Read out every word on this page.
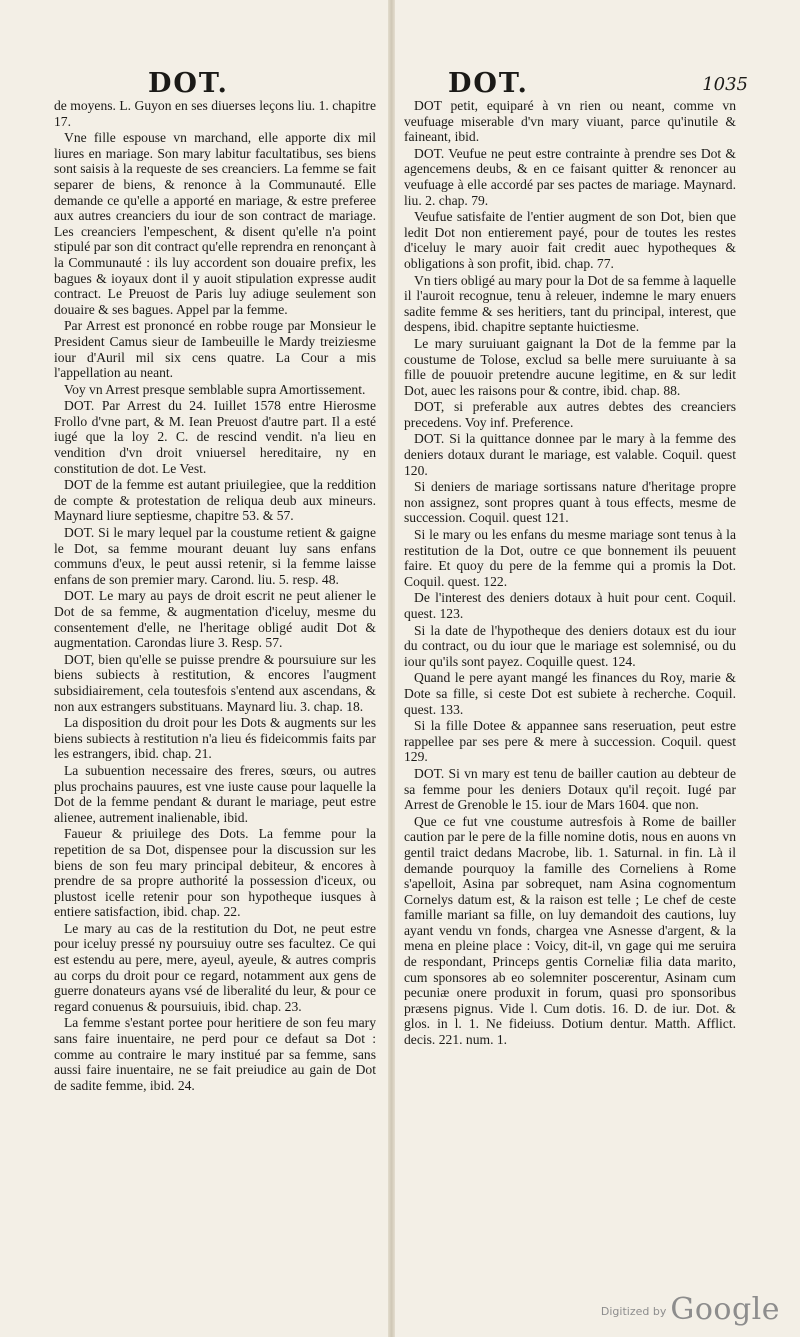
DOT.	DOT.	1035

de moyens. L. Guyon en ses diuerses leçons liu. 1. chapitre 17.

Vne fille espouse vn marchand, elle apporte dix mil liures en mariage. Son mary labitur facultatibus, ses biens sont saisis à la requeste de ses creanciers. La femme se fait separer de biens, & renonce à la Communauté. Elle demande ce qu'elle a apporté en mariage, & estre preferee aux autres creanciers du iour de son contract de mariage. Les creanciers l'empeschent, & disent qu'elle n'a point stipulé par son dit contract qu'elle reprendra en renonçant à la Communauté : ils luy accordent son douaire prefix, les bagues & ioyaux dont il y auoit stipulation expresse audit contract. Le Preuost de Paris luy adiuge seulement son douaire & ses bagues. Appel par la femme.

Par Arrest est prononcé en robbe rouge par Monsieur le President Camus sieur de Iambeuille le Mardy treiziesme iour d'Auril mil six cens quatre. La Cour a mis l'appellation au neant.

Voy vn Arrest presque semblable supra Amortissement.

DOT. Par Arrest du 24. Iuillet 1578 entre Hierosme Frollo d'vne part, & M. Iean Preuost d'autre part. Il a esté iugé que la loy 2. C. de rescind vendit. n'a lieu en vendition d'vn droit vniuersel hereditaire, ny en constitution de dot. Le Vest.

DOT de la femme est autant priuilegiee, que la reddition de compte & protestation de reliqua deub aux mineurs. Maynard liure septiesme, chapitre 53. & 57.

DOT. Si le mary lequel par la coustume retient & gaigne le Dot, sa femme mourant deuant luy sans enfans communs d'eux, le peut aussi retenir, si la femme laisse enfans de son premier mary. Carond. liu. 5. resp. 48.

DOT. Le mary au pays de droit escrit ne peut aliener le Dot de sa femme, & augmentation d'iceluy, mesme du consentement d'elle, ne l'heritage obligé audit Dot & augmentation. Carondas liure 3. Resp. 57.

DOT, bien qu'elle se puisse prendre & poursuiure sur les biens subiects à restitution, & encores l'augment subsidiairement, cela toutesfois s'entend aux ascendans, & non aux estrangers substituans. Maynard liu. 3. chap. 18.

La disposition du droit pour les Dots & augments sur les biens subiects à restitution n'a lieu és fideicommis faits par les estrangers, ibid. chap. 21.

La subuention necessaire des freres, sœurs, ou autres plus prochains pauures, est vne iuste cause pour laquelle la Dot de la femme pendant & durant le mariage, peut estre alienee, autrement inalienable, ibid.

Faueur & priuilege des Dots. La femme pour la repetition de sa Dot, dispensee pour la discussion sur les biens de son feu mary principal debiteur, & encores à prendre de sa propre authorité la possession d'iceux, ou plustost icelle retenir pour son hypotheque iusques à entiere satisfaction, ibid. chap. 22.

Le mary au cas de la restitution du Dot, ne peut estre pour iceluy pressé ny poursuiuy outre ses facultez. Ce qui est estendu au pere, mere, ayeul, ayeule, & autres compris au corps du droit pour ce regard, notamment aux gens de guerre donateurs ayans vsé de liberalité du leur, & pour ce regard conuenus & poursuiuis, ibid. chap. 23.

La femme s'estant portee pour heritiere de son feu mary sans faire inuentaire, ne perd pour ce defaut sa Dot : comme au contraire le mary institué par sa femme, sans aussi faire inuentaire, ne se fait preiudice au gain de Dot de sadite femme, ibid. 24.

DOT petit, equiparé à vn rien ou neant, comme vn veufuage miserable d'vn mary viuant, parce qu'inutile & faineant, ibid.

DOT. Veufue ne peut estre contrainte à prendre ses Dot & agencemens deubs, & en ce faisant quitter & renoncer au veufuage à elle accordé par ses pactes de mariage. Maynard. liu. 2. chap. 79.

Veufue satisfaite de l'entier augment de son Dot, bien que ledit Dot non entierement payé, pour de toutes les restes d'iceluy le mary auoir fait credit auec hypotheques & obligations à son profit, ibid. chap. 77.

Vn tiers obligé au mary pour la Dot de sa femme à laquelle il l'auroit recognue, tenu à releuer, indemne le mary enuers sadite femme & ses heritiers, tant du principal, interest, que despens, ibid. chapitre septante huictiesme.

Le mary suruiuant gaignant la Dot de la femme par la coustume de Tolose, exclud sa belle mere suruiuante à sa fille de pouuoir pretendre aucune legitime, en & sur ledit Dot, auec les raisons pour & contre, ibid. chap. 88.

DOT, si preferable aux autres debtes des creanciers precedens. Voy inf. Preference.

DOT. Si la quittance donnee par le mary à la femme des deniers dotaux durant le mariage, est valable. Coquil. quest 120.

Si deniers de mariage sortissans nature d'heritage propre non assignez, sont propres quant à tous effects, mesme de succession. Coquil. quest 121.

Si le mary ou les enfans du mesme mariage sont tenus à la restitution de la Dot, outre ce que bonnement ils peuuent faire. Et quoy du pere de la femme qui a promis la Dot. Coquil. quest. 122.

De l'interest des deniers dotaux à huit pour cent. Coquil. quest. 123.

Si la date de l'hypotheque des deniers dotaux est du iour du contract, ou du iour que le mariage est solemnisé, ou du iour qu'ils sont payez. Coquille quest. 124.

Quand le pere ayant mangé les finances du Roy, marie & Dote sa fille, si ceste Dot est subiete à recherche. Coquil. quest. 133.

Si la fille Dotee & appannee sans reseruation, peut estre rappellee par ses pere & mere à succession. Coquil. quest 129.

DOT. Si vn mary est tenu de bailler caution au debteur de sa femme pour les deniers Dotaux qu'il reçoit. Iugé par Arrest de Grenoble le 15. iour de Mars 1604. que non.

Que ce fut vne coustume autresfois à Rome de bailler caution par le pere de la fille nomine dotis, nous en auons vn gentil traict dedans Macrobe, lib. 1. Saturnal. in fin. Là il demande pourquoy la famille des Corneliens à Rome s'apelloit, Asina par sobrequet, nam Asina cognomentum Cornelys datum est, & la raison est telle ; Le chef de ceste famille mariant sa fille, on luy demandoit des cautions, luy ayant vendu vn fonds, chargea vne Asnesse d'argent, & la mena en pleine place : Voicy, dit-il, vn gage qui me seruira de respondant, Princeps gentis Corneliæ filia data marito, cum sponsores ab eo solemniter poscerentur, Asinam cum pecuniæ onere produxit in forum, quasi pro sponsoribus præsens pignus. Vide l. Cum dotis. 16. D. de iur. Dot. & glos. in l. 1. Ne fideiuss. Dotium dentur. Matth. Afflict. decis. 221. num. 1.

$^{Digitized by}$ Google
